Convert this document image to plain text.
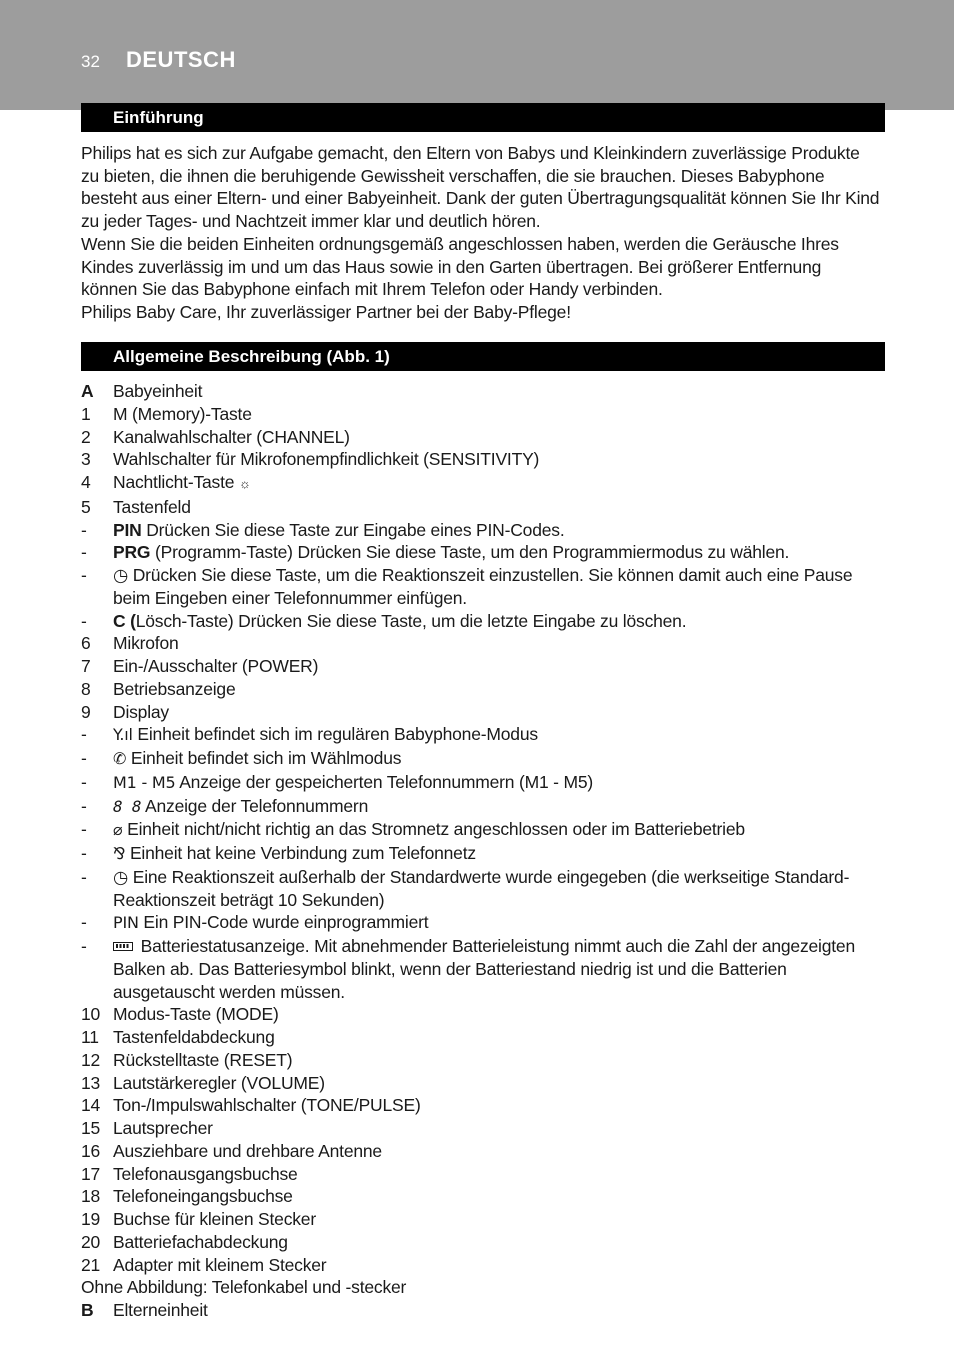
32 DEUTSCH
Einführung

Philips hat es sich zur Aufgabe gemacht, den Eltern von Babys und Kleinkindern zuverlässige Produkte zu bieten, die ihnen die beruhigende Gewissheit verschaffen, die sie brauchen. Dieses Babyphone besteht aus einer Eltern- und einer Babyeinheit. Dank der guten Übertragungsqualität können Sie Ihr Kind zu jeder Tages- und Nachtzeit immer klar und deutlich hören.

Wenn Sie die beiden Einheiten ordnungsgemäß angeschlossen haben, werden die Geräusche Ihres Kindes zuverlässig im und um das Haus sowie in den Garten übertragen. Bei größerer Entfernung können Sie das Babyphone einfach mit Ihrem Telefon oder Handy verbinden.

Philips Baby Care, Ihr zuverlässiger Partner bei der Baby-Pflege!

Allgemeine Beschreibung (Abb. 1)
A Babyeinheit
1 M (Memory)-Taste
2 Kanalwahlschalter (CHANNEL)
3 Wahlschalter für Mikrofonempfindlichkeit (SENSITIVITY)
4 Nachtlicht-Taste ☼
5 Tastenfeld
- PIN Drücken Sie diese Taste zur Eingabe eines PIN-Codes.
- PRG (Programm-Taste) Drücken Sie diese Taste, um den Programmiermodus zu wählen.
- ◷ Drücken Sie diese Taste, um die Reaktionszeit einzustellen. Sie können damit auch eine Pause beim Eingeben einer Telefonnummer einfügen.
- C (Lösch-Taste) Drücken Sie diese Taste, um die letzte Eingabe zu löschen.
6 Mikrofon
7 Ein-/Ausschalter (POWER)
8 Betriebsanzeige
9 Display
- Y.ıl Einheit befindet sich im regulären Babyphone-Modus
- ✆ Einheit befindet sich im Wählmodus
- M1 - M5 Anzeige der gespeicherten Telefonnummern (M1 - M5)
- 8 8 Anzeige der Telefonnummern
- ⌀ Einheit nicht/nicht richtig an das Stromnetz angeschlossen oder im Batteriebetrieb
- ⅋ Einheit hat keine Verbindung zum Telefonnetz
- ◷ Eine Reaktionszeit außerhalb der Standardwerte wurde eingegeben (die werkseitige Standard-Reaktionszeit beträgt 10 Sekunden)
- PIN Ein PIN-Code wurde einprogrammiert
-	Batteriestatusanzeige. Mit abnehmender Batterieleistung nimmt auch die Zahl der angezeigten Balken ab. Das Batteriesymbol blinkt, wenn der Batteriestand niedrig ist und die Batterien ausgetauscht werden müssen.
10 Modus-Taste (MODE)
11 Tastenfeldabdeckung
12 Rückstelltaste (RESET)
13 Lautstärkeregler (VOLUME)
14 Ton-/Impulswahlschalter (TONE/PULSE)
15 Lautsprecher
16 Ausziehbare und drehbare Antenne
17 Telefonausgangsbuchse
18 Telefoneingangsbuchse
19 Buchse für kleinen Stecker
20 Batteriefachabdeckung
21 Adapter mit kleinem Stecker
Ohne Abbildung: Telefonkabel und -stecker
B Elterneinheit
